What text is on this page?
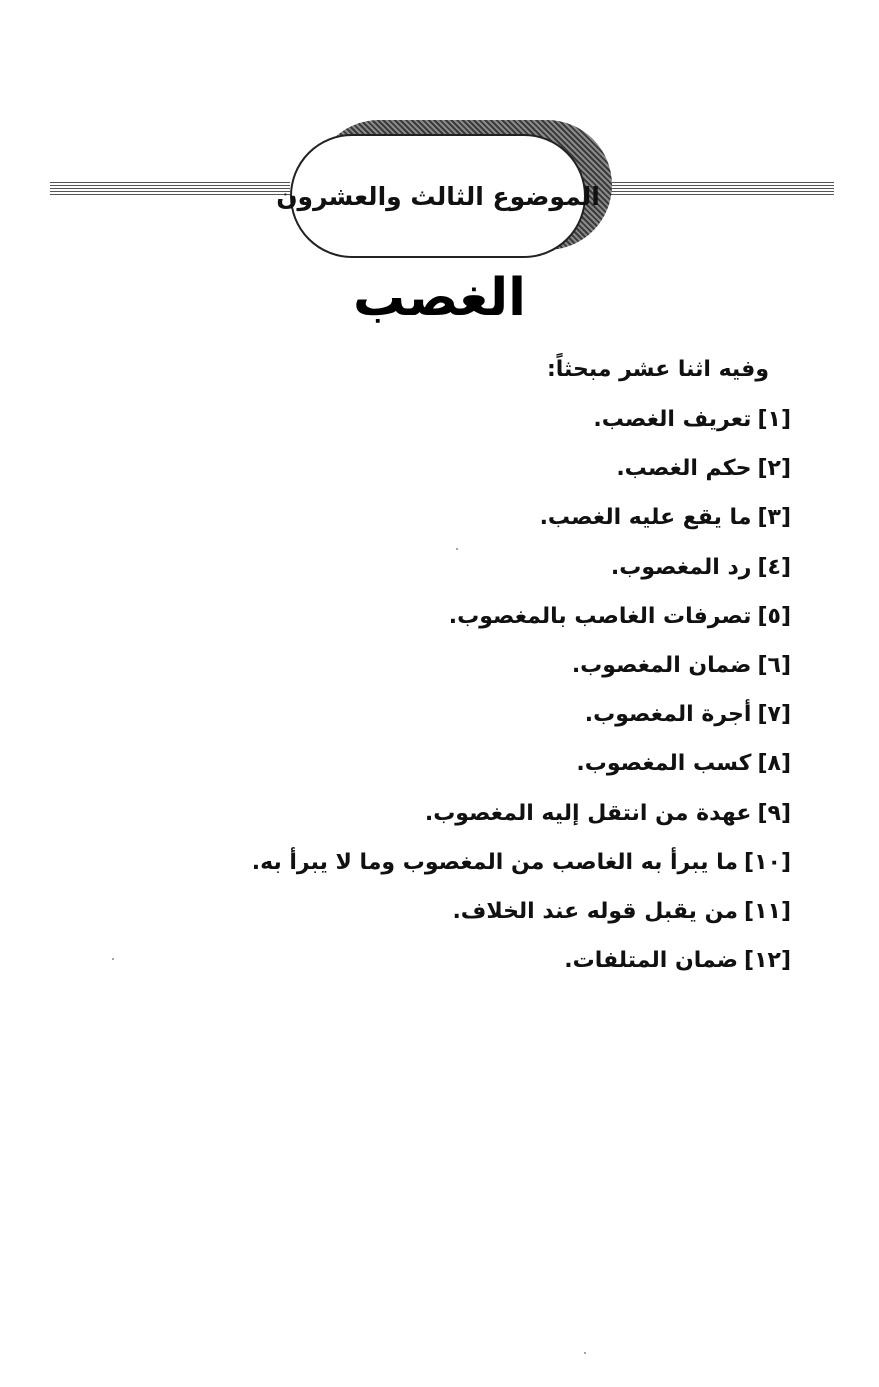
الموضوع الثالث والعشرون
الغصب
وفيه اثنا عشر مبحثاً:
[١]تعريف الغصب.
[٢]حكم الغصب.
[٣]ما يقع عليه الغصب.
[٤]رد المغصوب.
[٥]تصرفات الغاصب بالمغصوب.
[٦]ضمان المغصوب.
[٧]أجرة المغصوب.
[٨]كسب المغصوب.
[٩]عهدة من انتقل إليه المغصوب.
[١٠]ما يبرأ به الغاصب من المغصوب وما لا يبرأ به.
[١١]من يقبل قوله عند الخلاف.
[١٢]ضمان المتلفات.
